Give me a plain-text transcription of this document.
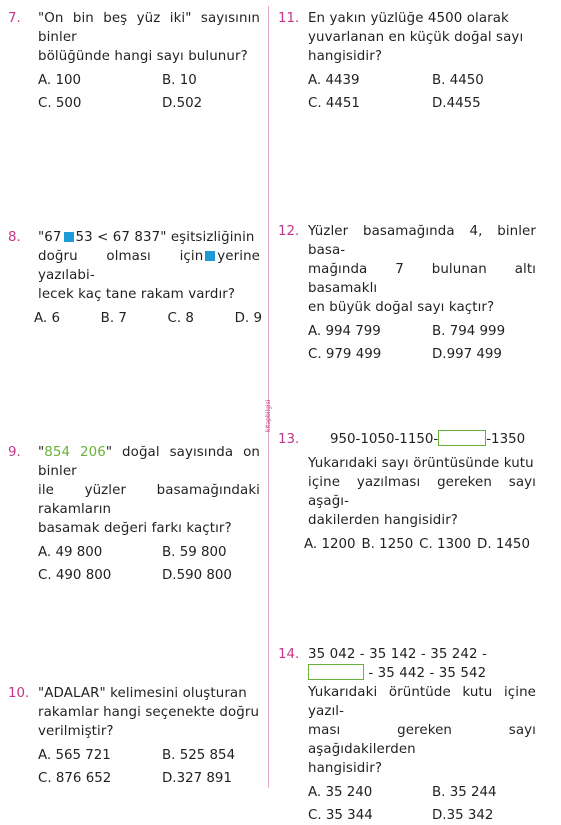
kitapbilgisi
7. "On bin beş yüz iki" sayısının binler
bölüğünde hangi sayı bulunur?
A. 100	B. 10
C. 500	D.502
8. "67 53 < 67 837" eşitsizliğinin
doğru olması için yerine yazılabi-
lecek kaç tane rakam vardır?
A. 6	B. 7	C. 8	D. 9
9. "854 206" doğal sayısında on binler
ile yüzler basamağındaki rakamların
basamak değeri farkı kaçtır?
A. 49 800	B. 59 800
C. 490 800	D.590 800
10. "ADALAR" kelimesini oluşturan
rakamlar hangi seçenekte doğru
verilmiştir?
A. 565 721	B. 525 854
C. 876 652	D.327 891
11. En yakın yüzlüğe 4500 olarak
yuvarlanan en küçük doğal sayı
hangisidir?
A. 4439	B. 4450
C. 4451	D.4455
12. Yüzler basamağında 4, binler basa-
mağında 7 bulunan altı basamaklı
en büyük doğal sayı kaçtır?
A. 994 799	B. 794 999
C. 979 499	D.997 499
13. 950-1050-1150-	-1350
Yukarıdaki sayı örüntüsünde kutu
içine yazılması gereken sayı aşağı-
dakilerden hangisidir?
A. 1200 B. 1250 C. 1300 D. 1450
14. 35 042 - 35 142 - 35 242 -
- 35 442 - 35 542
Yukarıdaki örüntüde kutu içine yazıl-
ması gereken sayı aşağıdakilerden
hangisidir?
A. 35 240	B. 35 244
C. 35 344	D.35 342
